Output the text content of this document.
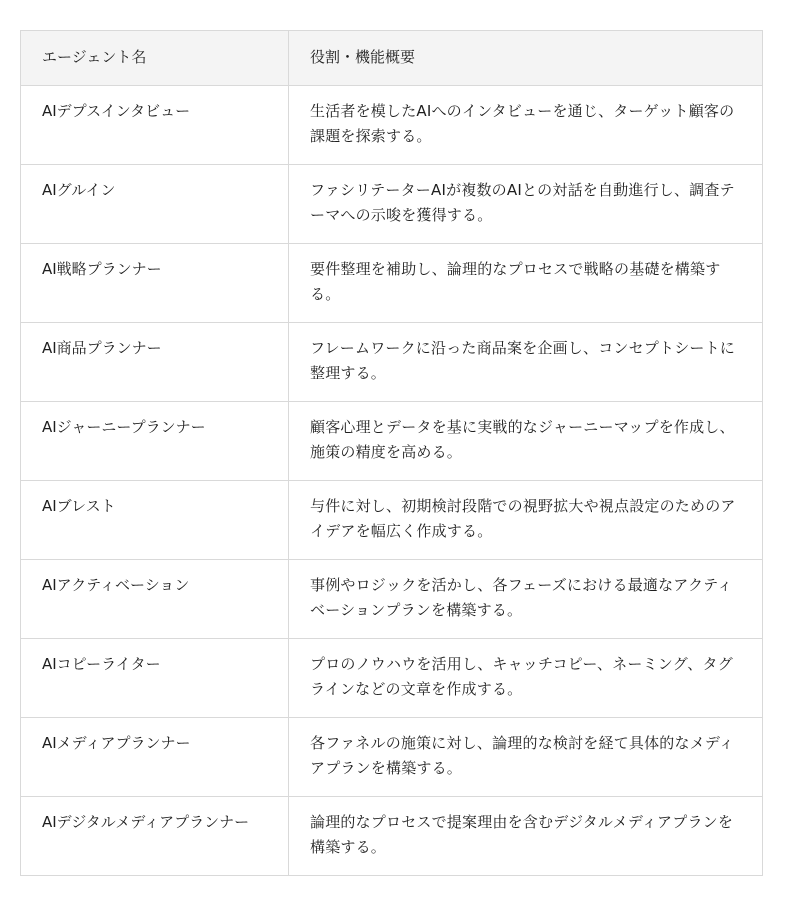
エージェント名	役割・機能概要
AIデプスインタビュー	生活者を模したAIへのインタビューを通じ、ターゲット顧客の課題を探索する。
AIグルイン	ファシリテーターAIが複数のAIとの対話を自動進行し、調査テーマへの示唆を獲得する。
AI戦略プランナー	要件整理を補助し、論理的なプロセスで戦略の基礎を構築する。
AI商品プランナー	フレームワークに沿った商品案を企画し、コンセプトシートに整理する。
AIジャーニープランナー	顧客心理とデータを基に実戦的なジャーニーマップを作成し、施策の精度を高める。
AIブレスト	与件に対し、初期検討段階での視野拡大や視点設定のためのアイデアを幅広く作成する。
AIアクティベーション	事例やロジックを活かし、各フェーズにおける最適なアクティベーションプランを構築する。
AIコピーライター	プロのノウハウを活用し、キャッチコピー、ネーミング、タグラインなどの文章を作成する。
AIメディアプランナー	各ファネルの施策に対し、論理的な検討を経て具体的なメディアプランを構築する。
AIデジタルメディアプランナー	論理的なプロセスで提案理由を含むデジタルメディアプランを構築する。
